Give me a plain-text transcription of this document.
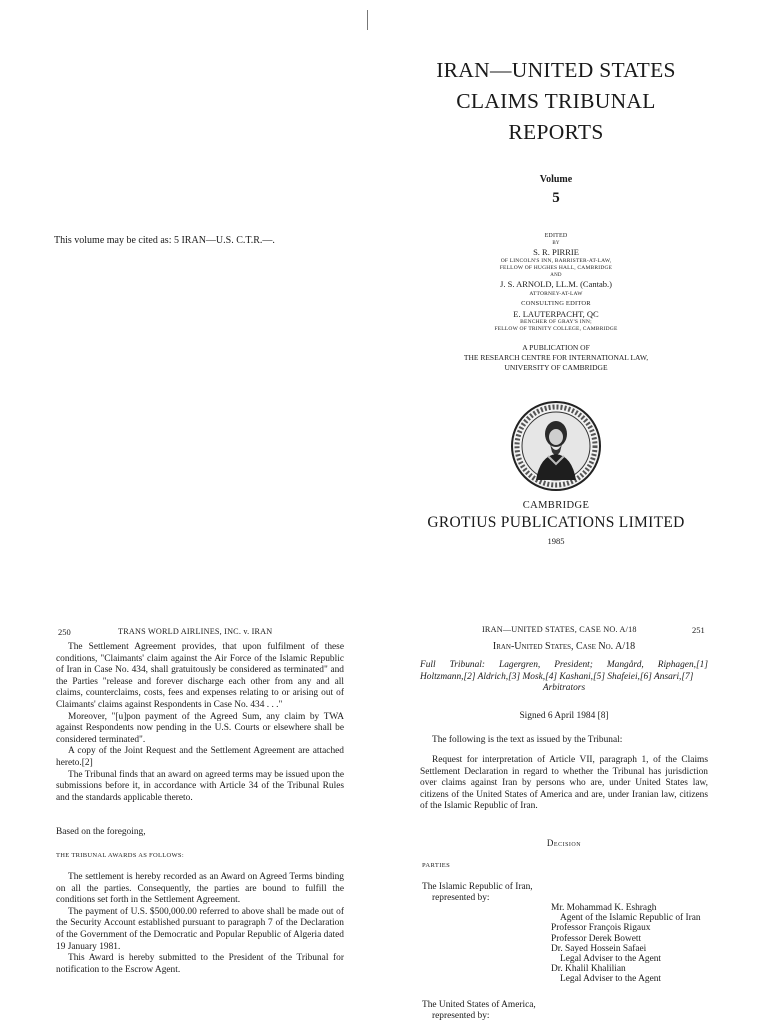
IRAN—UNITED STATES
CLAIMS TRIBUNAL
REPORTS
Volume
5
This volume may be cited as: 5 IRAN—U.S. C.T.R.—.	EDITED
BY
S. R. PIRRIE
OF LINCOLN'S INN, BARRISTER-AT-LAW,
FELLOW OF HUGHES HALL, CAMBRIDGE
AND
J. S. ARNOLD, LL.M. (Cantab.)
ATTORNEY-AT-LAW
CONSULTING EDITOR
E. LAUTERPACHT, QC
BENCHER OF GRAY'S INN;
FELLOW OF TRINITY COLLEGE, CAMBRIDGE
A PUBLICATION OF
THE RESEARCH CENTRE FOR INTERNATIONAL LAW,
UNIVERSITY OF CAMBRIDGE
CAMBRIDGE
GROTIUS PUBLICATIONS LIMITED
1985
250	TRANS WORLD AIRLINES, INC. v. IRAN

The Settlement Agreement provides, that upon fulfilment of these conditions, "Claimants' claim against the Air Force of the Islamic Republic of Iran in Case No. 434, shall gratuitously be considered as terminated" and the Parties "release and forever discharge each other from any and all claims, counterclaims, costs, fees and expenses relating to or arising out of Claimants' claims against Respondents in Case No. 434 . . ."

Moreover, "[u]pon payment of the Agreed Sum, any claim by TWA against Respondents now pending in the U.S. Courts or elsewhere shall be considered terminated".

A copy of the Joint Request and the Settlement Agreement are attached hereto.[2]

The Tribunal finds that an award on agreed terms may be issued upon the submissions before it, in accordance with Article 34 of the Tribunal Rules and the standards applicable thereto.

Based on the foregoing,
THE TRIBUNAL AWARDS AS FOLLOWS:

The settlement is hereby recorded as an Award on Agreed Terms binding on all the parties. Consequently, the parties are bound to fulfill the conditions set forth in the Settlement Agreement.

The payment of U.S. $500,000.00 referred to above shall be made out of the Security Account established pursuant to paragraph 7 of the Declaration of the Government of the Democratic and Popular Republic of Algeria dated 19 January 1981.

This Award is hereby submitted to the President of the Tribunal for notification to the Escrow Agent.

IRAN—UNITED STATES, CASE NO. A/18	251
Iran-United States, Case No. A/18
Full Tribunal: Lagergren, President; Mangård, Riphagen,[1]
Holtzmann,[2] Aldrich,[3] Mosk,[4] Kashani,[5] Shafeiei,[6] Ansari,[7]
Arbitrators
Signed 6 April 1984 [8]
The following is the text as issued by the Tribunal:
Request for interpretation of Article VII, paragraph 1, of the Claims Settlement Declaration in regard to whether the Tribunal has jurisdiction over claims against Iran by persons who are, under United States law, citizens of the United States of America and are, under Iranian law, citizens of the Islamic Republic of Iran.
Decision
PARTIES
The Islamic Republic of Iran,
represented by:
Mr. Mohammad K. Eshragh
Agent of the Islamic Republic of Iran
Professor François Rigaux
Professor Derek Bowett
Dr. Sayed Hossein Safaei
Legal Adviser to the Agent
Dr. Khalil Khalilian
Legal Adviser to the Agent
The United States of America,
represented by:
